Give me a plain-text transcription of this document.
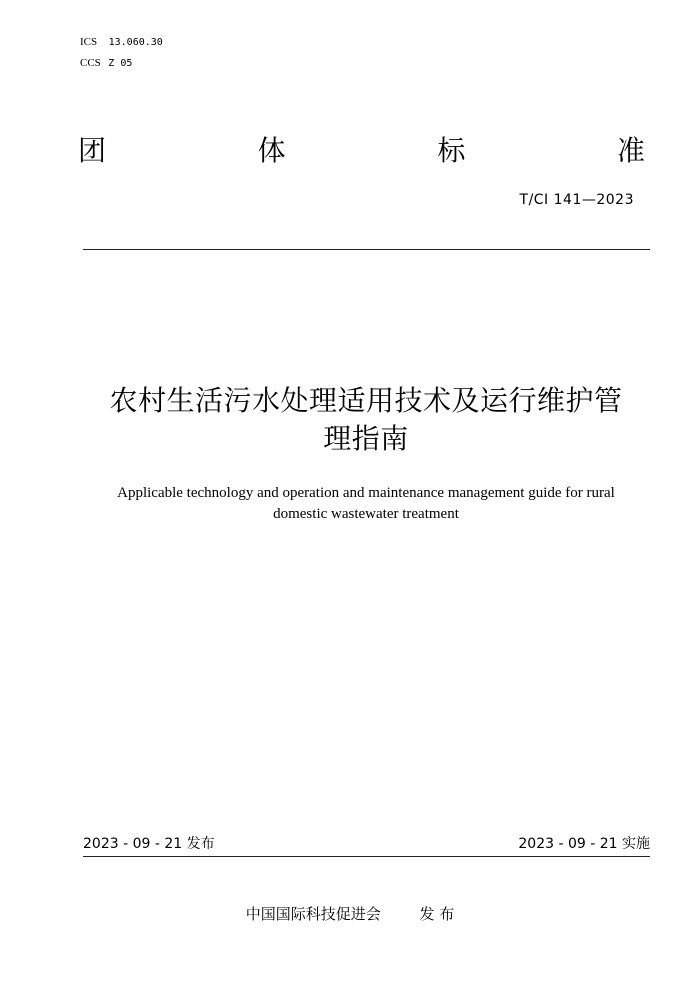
ICS 13.060.30
CCS Z 05
团	体	标	准
T/CI 141—2023
农村生活污水处理适用技术及运行维护管
理指南
Applicable technology and operation and maintenance management guide for rural
domestic wastewater treatment
2023 - 09 - 21 发布	2023 - 09 - 21 实施
中国国际科技促进会	发 布
